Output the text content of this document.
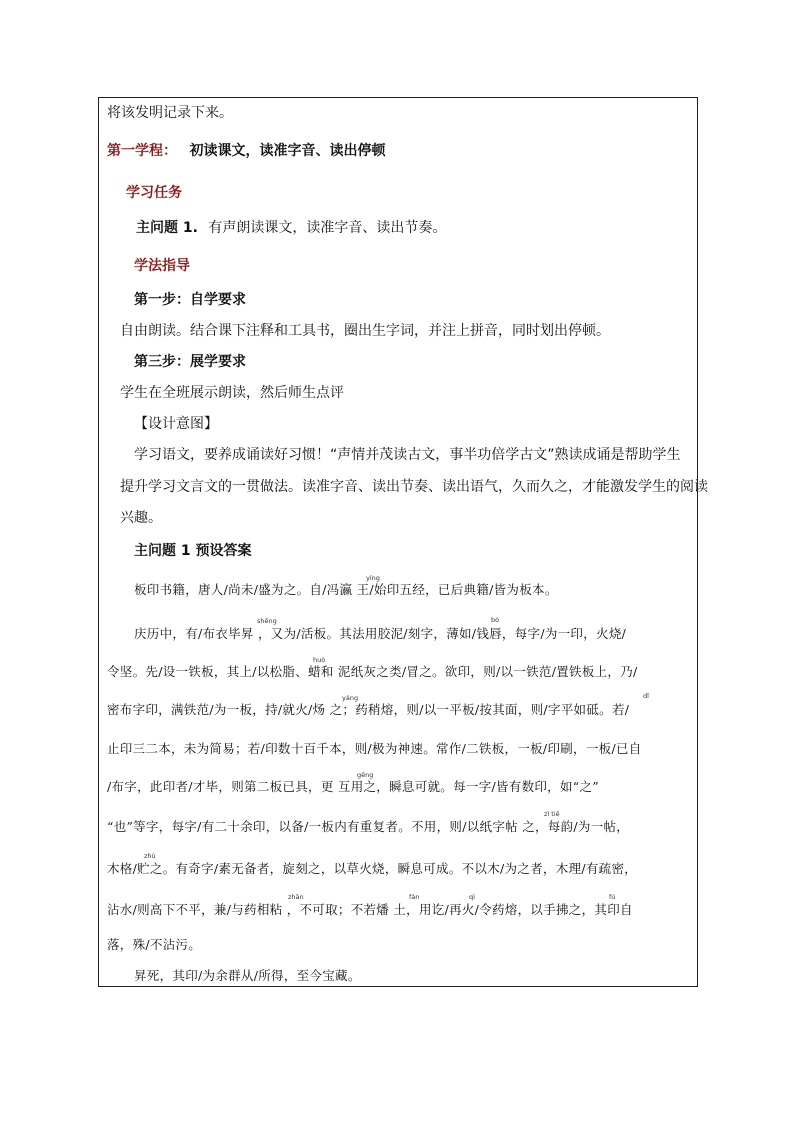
将该发明记录下来。
第一学程： 初读课文，读准字音、读出停顿
学习任务
主问题 1. 有声朗读课文，读准字音、读出节奏。
学法指导
第一步：自学要求
自由朗读。结合课下注释和工具书，圈出生字词，并注上拼音，同时划出停顿。
第三步：展学要求
学生在全班展示朗读，然后师生点评
【设计意图】
学习语文，要养成诵读好习惯！“声情并茂读古文，事半功倍学古文”熟读成诵是帮助学生
提升学习文言文的一贯做法。读准字音、读出节奏、读出语气，久而久之，才能激发学生的阅读
兴趣。
主问题 1 预设答案
板印书籍，唐人/尚未/盛为之。自/冯瀛 王/始印五经，已后典籍/皆为板本。
庆历中，有/布衣毕昇 ，又为/活板。其法用胶泥/刻字，薄如/钱唇，每字/为一印，火烧/
令坚。先/设一铁板，其上/以松脂、蜡和 泥纸灰之类/冒之。欲印，则/以一铁范/置铁板上，乃/
密布字印，满铁范/为一板，持/就火/炀 之；药稍熔，则/以一平板/按其面，则/字平如砥。若/
止印三二本，未为简易；若/印数十百千本，则/极为神速。常作/二铁板，一板/印刷，一板/已自
/布字，此印者/才毕，则第二板已具，更 互用之，瞬息可就。每一字/皆有数印，如“之”
“也”等字，每字/有二十余印，以备/一板内有重复者。不用，则/以纸字帖 之，每韵/为一帖，
木格/贮之。有奇字/素无备者，旋刻之，以草火烧，瞬息可成。不以木/为之者，木理/有疏密，
沾水/则高下不平，兼/与药相粘 ，不可取；不若燔 土，用讫/再火/令药熔，以手拂之，其印自
落，殊/不沾污。
昇死，其印/为余群从/所得，至今宝藏。
yíng
shēng	bó
huò
yáng	dǐ
gēng
zì tiě
zhù
zhān	fán	qì	fú
